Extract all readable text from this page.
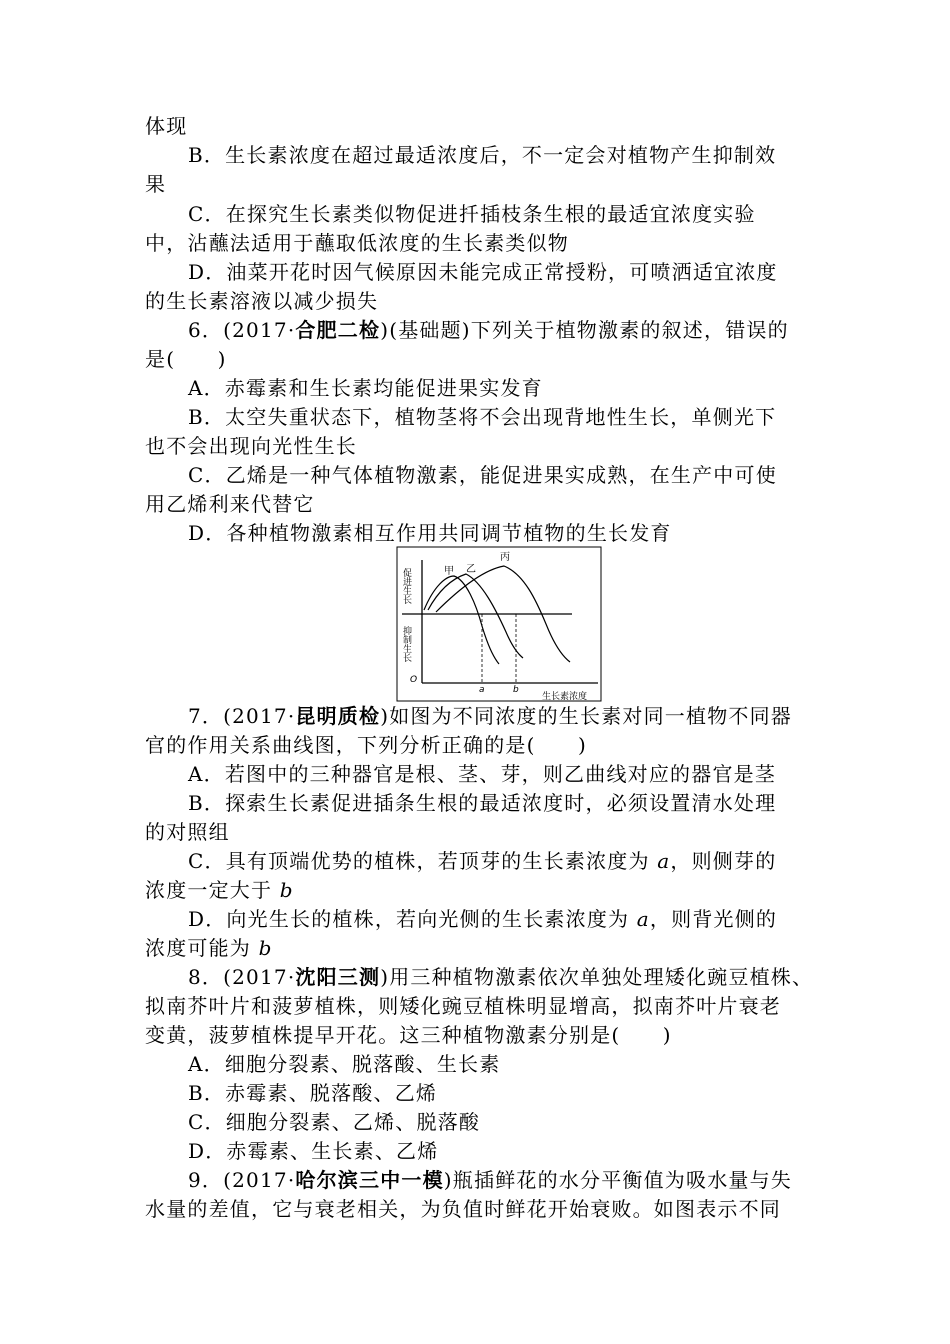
体现
B．生长素浓度在超过最适浓度后，不一定会对植物产生抑制效
果
C．在探究生长素类似物促进扦插枝条生根的最适宜浓度实验
中，沾蘸法适用于蘸取低浓度的生长素类似物
D．油菜开花时因气候原因未能完成正常授粉，可喷洒适宜浓度
的生长素溶液以减少损失
6．(2017·合肥二检)(基础题)下列关于植物激素的叙述，错误的
是(　　)
A．赤霉素和生长素均能促进果实发育
B．太空失重状态下，植物茎将不会出现背地性生长，单侧光下
也不会出现向光性生长
C．乙烯是一种气体植物激素，能促进果实成熟，在生产中可使
用乙烯利来代替它
D．各种植物激素相互作用共同调节植物的生长发育
促进生长
抑制生长
O
甲 乙
丙
a	b
生长素浓度
7．(2017·昆明质检)如图为不同浓度的生长素对同一植物不同器
官的作用关系曲线图，下列分析正确的是(　　)
A．若图中的三种器官是根、茎、芽，则乙曲线对应的器官是茎
B．探索生长素促进插条生根的最适浓度时，必须设置清水处理
的对照组
C．具有顶端优势的植株，若顶芽的生长素浓度为 a，则侧芽的
浓度一定大于 b
D．向光生长的植株，若向光侧的生长素浓度为 a，则背光侧的
浓度可能为 b
8．(2017·沈阳三测)用三种植物激素依次单独处理矮化豌豆植株、
拟南芥叶片和菠萝植株，则矮化豌豆植株明显增高，拟南芥叶片衰老
变黄，菠萝植株提早开花。这三种植物激素分别是(　　)
A．细胞分裂素、脱落酸、生长素
B．赤霉素、脱落酸、乙烯
C．细胞分裂素、乙烯、脱落酸
D．赤霉素、生长素、乙烯
9．(2017·哈尔滨三中一模)瓶插鲜花的水分平衡值为吸水量与失
水量的差值，它与衰老相关，为负值时鲜花开始衰败。如图表示不同
